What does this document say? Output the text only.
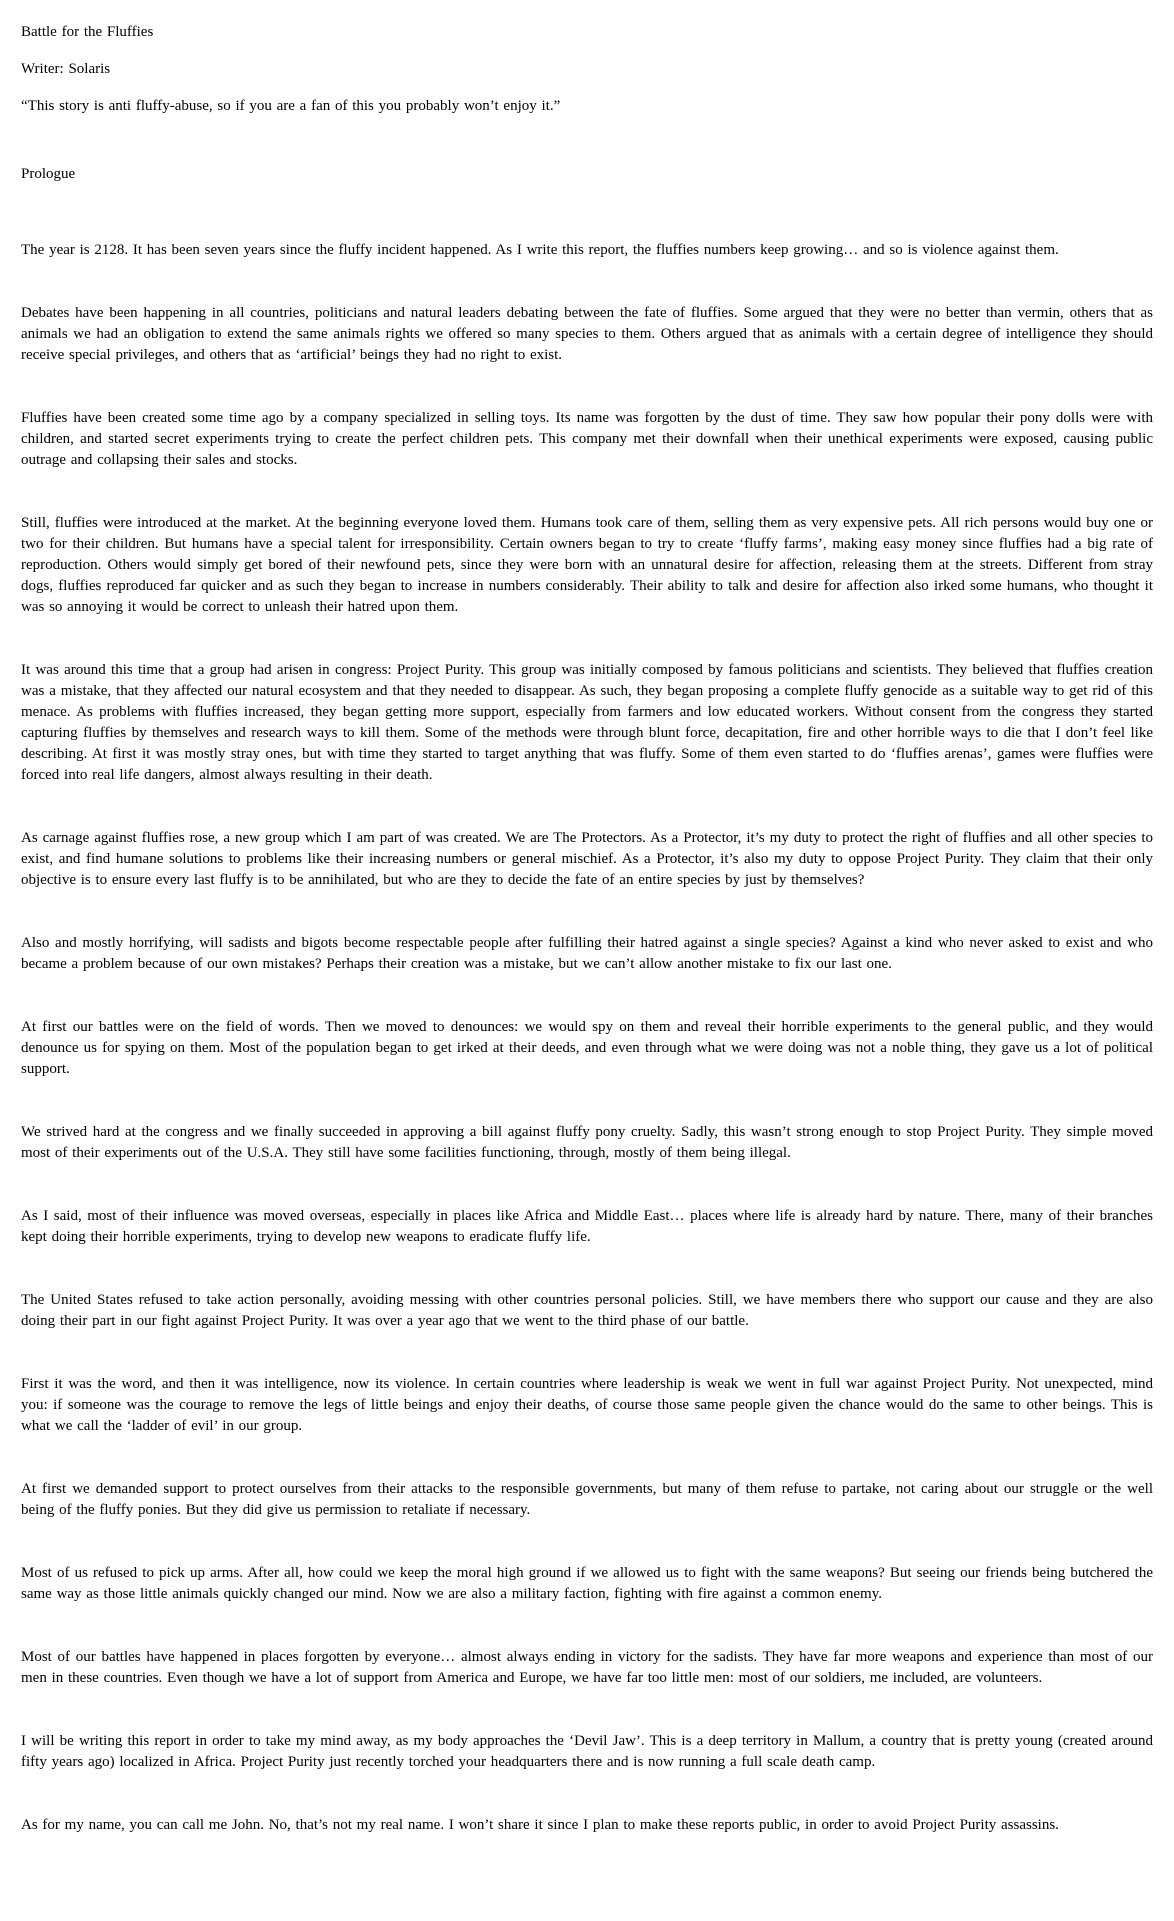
Battle for the Fluffies

Writer: Solaris

“This story is anti fluffy-abuse, so if you are a fan of this you probably won’t enjoy it.”

Prologue

The year is 2128. It has been seven years since the fluffy incident happened. As I write this report, the fluffies numbers keep growing… and so is violence against them.

Debates have been happening in all countries, politicians and natural leaders debating between the fate of fluffies. Some argued that they were no better than vermin, others that as animals we had an obligation to extend the same animals rights we offered so many species to them. Others argued that as animals with a certain degree of intelligence they should receive special privileges, and others that as ‘artificial’ beings they had no right to exist.

Fluffies have been created some time ago by a company specialized in selling toys. Its name was forgotten by the dust of time. They saw how popular their pony dolls were with children, and started secret experiments trying to create the perfect children pets. This company met their downfall when their unethical experiments were exposed, causing public outrage and collapsing their sales and stocks.

Still, fluffies were introduced at the market. At the beginning everyone loved them. Humans took care of them, selling them as very expensive pets. All rich persons would buy one or two for their children. But humans have a special talent for irresponsibility. Certain owners began to try to create ‘fluffy farms’, making easy money since fluffies had a big rate of reproduction. Others would simply get bored of their newfound pets, since they were born with an unnatural desire for affection, releasing them at the streets. Different from stray dogs, fluffies reproduced far quicker and as such they began to increase in numbers considerably. Their ability to talk and desire for affection also irked some humans, who thought it was so annoying it would be correct to unleash their hatred upon them.

It was around this time that a group had arisen in congress: Project Purity. This group was initially composed by famous politicians and scientists. They believed that fluffies creation was a mistake, that they affected our natural ecosystem and that they needed to disappear. As such, they began proposing a complete fluffy genocide as a suitable way to get rid of this menace. As problems with fluffies increased, they began getting more support, especially from farmers and low educated workers. Without consent from the congress they started capturing fluffies by themselves and research ways to kill them. Some of the methods were through blunt force, decapitation, fire and other horrible ways to die that I don’t feel like describing. At first it was mostly stray ones, but with time they started to target anything that was fluffy. Some of them even started to do ‘fluffies arenas’, games were fluffies were forced into real life dangers, almost always resulting in their death.

As carnage against fluffies rose, a new group which I am part of was created. We are The Protectors. As a Protector, it’s my duty to protect the right of fluffies and all other species to exist, and find humane solutions to problems like their increasing numbers or general mischief. As a Protector, it’s also my duty to oppose Project Purity. They claim that their only objective is to ensure every last fluffy is to be annihilated, but who are they to decide the fate of an entire species by just by themselves?

Also and mostly horrifying, will sadists and bigots become respectable people after fulfilling their hatred against a single species? Against a kind who never asked to exist and who became a problem because of our own mistakes? Perhaps their creation was a mistake, but we can’t allow another mistake to fix our last one.

At first our battles were on the field of words. Then we moved to denounces: we would spy on them and reveal their horrible experiments to the general public, and they would denounce us for spying on them. Most of the population began to get irked at their deeds, and even through what we were doing was not a noble thing, they gave us a lot of political support.

We strived hard at the congress and we finally succeeded in approving a bill against fluffy pony cruelty. Sadly, this wasn’t strong enough to stop Project Purity. They simple moved most of their experiments out of the U.S.A. They still have some facilities functioning, through, mostly of them being illegal.

As I said, most of their influence was moved overseas, especially in places like Africa and Middle East… places where life is already hard by nature. There, many of their branches kept doing their horrible experiments, trying to develop new weapons to eradicate fluffy life.

The United States refused to take action personally, avoiding messing with other countries personal policies. Still, we have members there who support our cause and they are also doing their part in our fight against Project Purity. It was over a year ago that we went to the third phase of our battle.

First it was the word, and then it was intelligence, now its violence. In certain countries where leadership is weak we went in full war against Project Purity. Not unexpected, mind you: if someone was the courage to remove the legs of little beings and enjoy their deaths, of course those same people given the chance would do the same to other beings. This is what we call the ‘ladder of evil’ in our group.

At first we demanded support to protect ourselves from their attacks to the responsible governments, but many of them refuse to partake, not caring about our struggle or the well being of the fluffy ponies. But they did give us permission to retaliate if necessary.

Most of us refused to pick up arms. After all, how could we keep the moral high ground if we allowed us to fight with the same weapons? But seeing our friends being butchered the same way as those little animals quickly changed our mind. Now we are also a military faction, fighting with fire against a common enemy.

Most of our battles have happened in places forgotten by everyone… almost always ending in victory for the sadists. They have far more weapons and experience than most of our men in these countries. Even though we have a lot of support from America and Europe, we have far too little men: most of our soldiers, me included, are volunteers.

I will be writing this report in order to take my mind away, as my body approaches the ‘Devil Jaw’. This is a deep territory in Mallum, a country that is pretty young (created around fifty years ago) localized in Africa. Project Purity just recently torched your headquarters there and is now running a full scale death camp.

As for my name, you can call me John. No, that’s not my real name. I won’t share it since I plan to make these reports public, in order to avoid Project Purity assassins.
